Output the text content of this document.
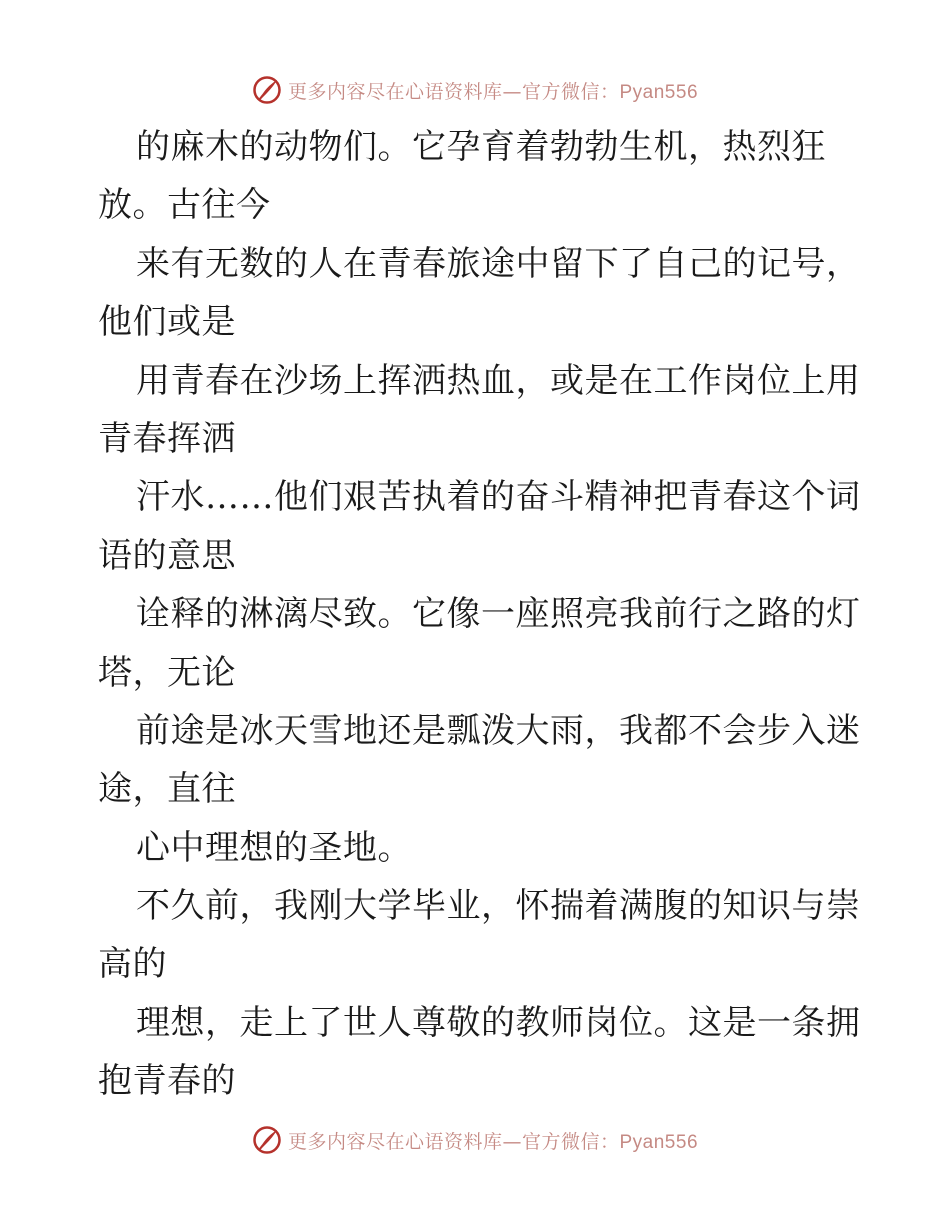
更多内容尽在心语资料库—官方微信：Pyan556
的麻木的动物们。它孕育着勃勃生机，热烈狂
放。古往今
来有无数的人在青春旅途中留下了自己的记号，
他们或是
用青春在沙场上挥洒热血，或是在工作岗位上用
青春挥洒
汗水……他们艰苦执着的奋斗精神把青春这个词
语的意思
诠释的淋漓尽致。它像一座照亮我前行之路的灯
塔，无论
前途是冰天雪地还是瓢泼大雨，我都不会步入迷
途，直往
心中理想的圣地。
不久前，我刚大学毕业，怀揣着满腹的知识与崇
高的
理想，走上了世人尊敬的教师岗位。这是一条拥
抱青春的
更多内容尽在心语资料库—官方微信：Pyan556
